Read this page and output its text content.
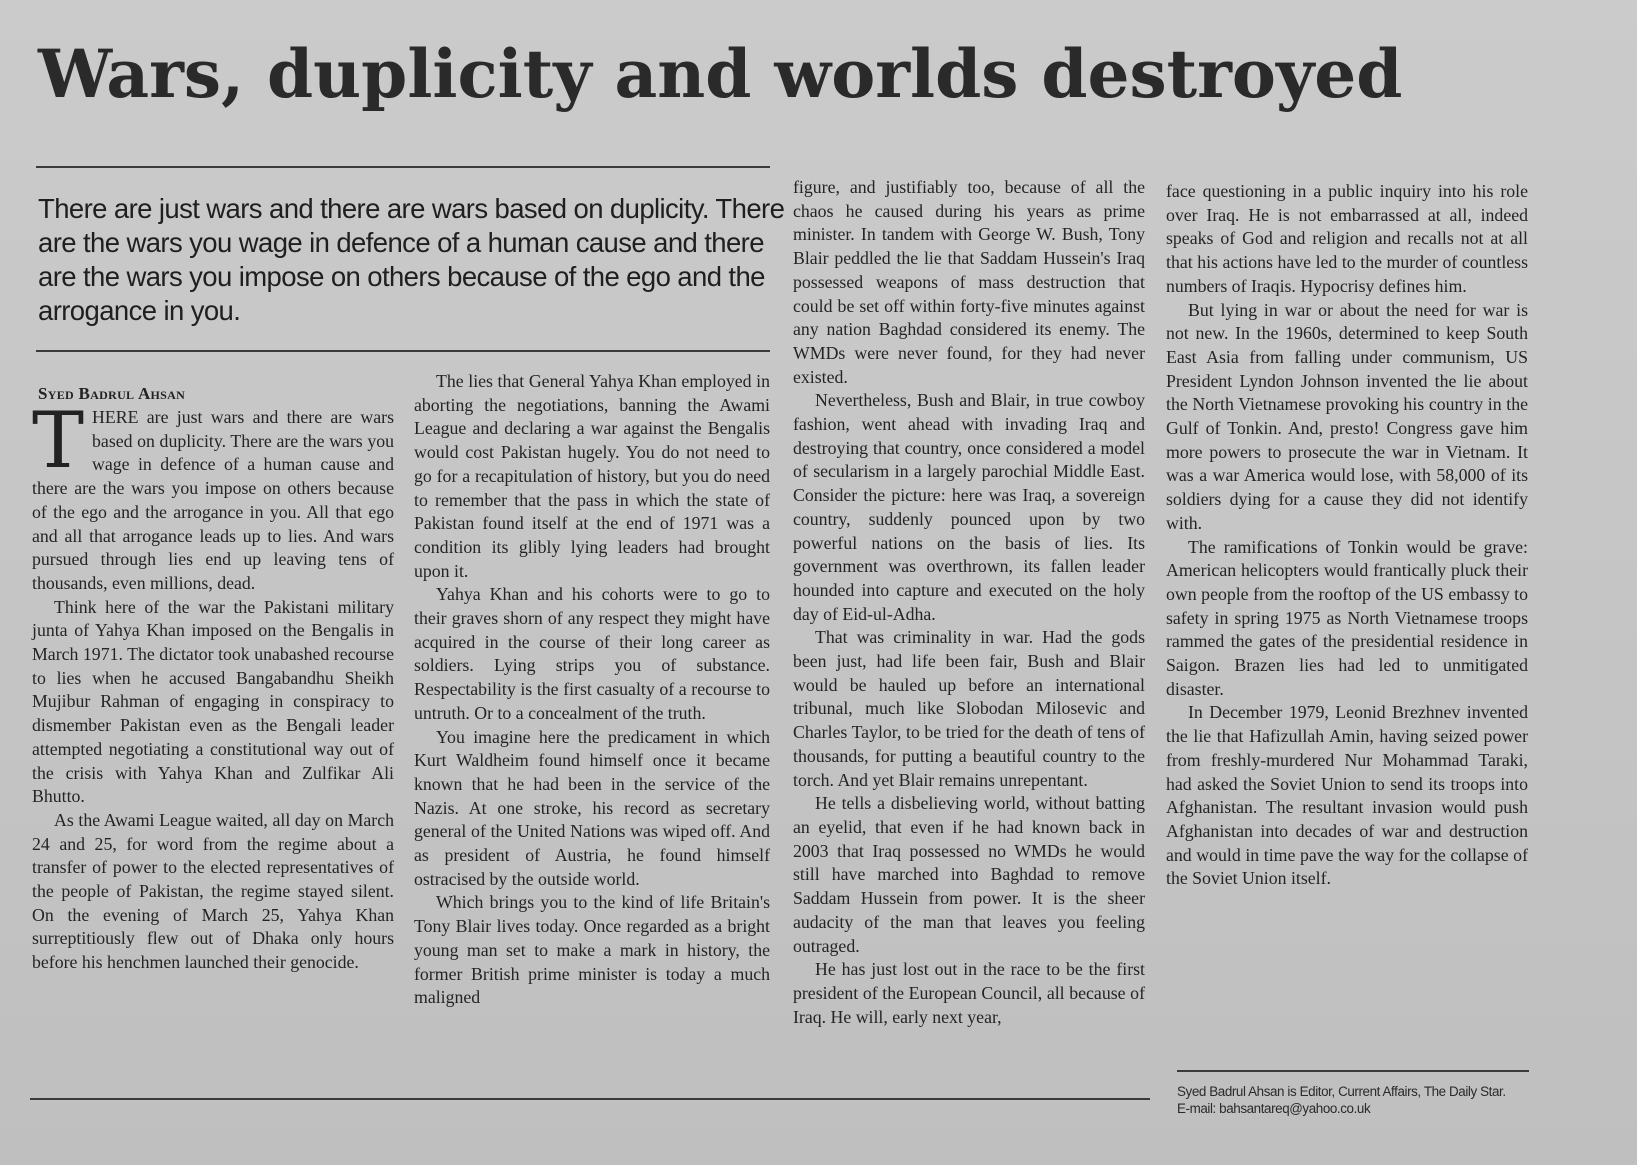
Wars, duplicity and worlds destroyed
There are just wars and there are wars based on duplicity. There are the wars you wage in defence of a human cause and there are the wars you impose on others because of the ego and the arrogance in you.
Syed Badrul Ahsan

THERE are just wars and there are wars based on duplicity. There are the wars you wage in defence of a human cause and there are the wars you impose on others because of the ego and the arrogance in you. All that ego and all that arrogance leads up to lies. And wars pursued through lies end up leaving tens of thousands, even millions, dead.

Think here of the war the Pakistani military junta of Yahya Khan imposed on the Bengalis in March 1971. The dictator took unabashed recourse to lies when he accused Bangabandhu Sheikh Mujibur Rahman of engaging in conspiracy to dismember Pakistan even as the Bengali leader attempted negotiating a constitutional way out of the crisis with Yahya Khan and Zulfikar Ali Bhutto.

As the Awami League waited, all day on March 24 and 25, for word from the regime about a transfer of power to the elected representatives of the people of Pakistan, the regime stayed silent. On the evening of March 25, Yahya Khan surreptitiously flew out of Dhaka only hours before his henchmen launched their genocide.

The lies that General Yahya Khan employed in aborting the negotiations, banning the Awami League and declaring a war against the Bengalis would cost Pakistan hugely. You do not need to go for a recapitulation of history, but you do need to remember that the pass in which the state of Pakistan found itself at the end of 1971 was a condition its glibly lying leaders had brought upon it.

Yahya Khan and his cohorts were to go to their graves shorn of any respect they might have acquired in the course of their long career as soldiers. Lying strips you of substance. Respectability is the first casualty of a recourse to untruth. Or to a concealment of the truth.

You imagine here the predicament in which Kurt Waldheim found himself once it became known that he had been in the service of the Nazis. At one stroke, his record as secretary general of the United Nations was wiped off. And as president of Austria, he found himself ostracised by the outside world.

Which brings you to the kind of life Britain's Tony Blair lives today. Once regarded as a bright young man set to make a mark in history, the former British prime minister is today a much maligned

figure, and justifiably too, because of all the chaos he caused during his years as prime minister. In tandem with George W. Bush, Tony Blair peddled the lie that Saddam Hussein's Iraq possessed weapons of mass destruction that could be set off within forty-five minutes against any nation Baghdad considered its enemy. The WMDs were never found, for they had never existed.

Nevertheless, Bush and Blair, in true cowboy fashion, went ahead with invading Iraq and destroying that country, once considered a model of secularism in a largely parochial Middle East. Consider the picture: here was Iraq, a sovereign country, suddenly pounced upon by two powerful nations on the basis of lies. Its government was overthrown, its fallen leader hounded into capture and executed on the holy day of Eid-ul-Adha.

That was criminality in war. Had the gods been just, had life been fair, Bush and Blair would be hauled up before an international tribunal, much like Slobodan Milosevic and Charles Taylor, to be tried for the death of tens of thousands, for putting a beautiful country to the torch. And yet Blair remains unrepentant.

He tells a disbelieving world, without batting an eyelid, that even if he had known back in 2003 that Iraq possessed no WMDs he would still have marched into Baghdad to remove Saddam Hussein from power. It is the sheer audacity of the man that leaves you feeling outraged.

He has just lost out in the race to be the first president of the European Council, all because of Iraq. He will, early next year,

face questioning in a public inquiry into his role over Iraq. He is not embarrassed at all, indeed speaks of God and religion and recalls not at all that his actions have led to the murder of countless numbers of Iraqis. Hypocrisy defines him.

But lying in war or about the need for war is not new. In the 1960s, determined to keep South East Asia from falling under communism, US President Lyndon Johnson invented the lie about the North Vietnamese provoking his country in the Gulf of Tonkin. And, presto! Congress gave him more powers to prosecute the war in Vietnam. It was a war America would lose, with 58,000 of its soldiers dying for a cause they did not identify with.

The ramifications of Tonkin would be grave: American helicopters would frantically pluck their own people from the rooftop of the US embassy to safety in spring 1975 as North Vietnamese troops rammed the gates of the presidential residence in Saigon. Brazen lies had led to unmitigated disaster.

In December 1979, Leonid Brezhnev invented the lie that Hafizullah Amin, having seized power from freshly-murdered Nur Mohammad Taraki, had asked the Soviet Union to send its troops into Afghanistan. The resultant invasion would push Afghanistan into decades of war and destruction and would in time pave the way for the collapse of the Soviet Union itself.

Syed Badrul Ahsan is Editor, Current Affairs, The Daily Star.
E-mail: bahsantareq@yahoo.co.uk
